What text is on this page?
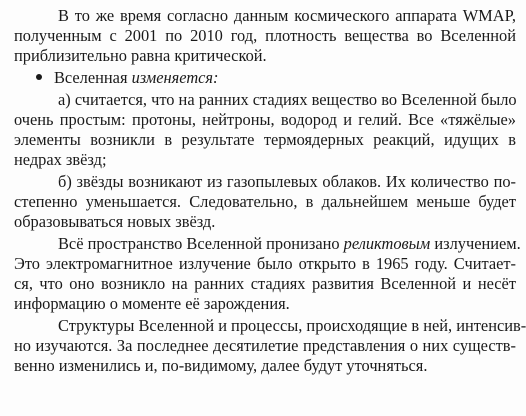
В то же время согласно данным космического аппарата WMAP,
полученным с 2001 по 2010 год, плотность вещества во Вселенной
приблизительно равна критической.
Вселенная изменяется:
а) считается, что на ранних стадиях вещество во Вселенной было
очень простым: протоны, нейтроны, водород и гелий. Все «тяжёлые»
элементы возникли в результате термоядерных реакций, идущих в
недрах звёзд;
б) звёзды возникают из газопылевых облаков. Их количество по-
степенно уменьшается. Следовательно, в дальнейшем меньше будет
образовываться новых звёзд.
Всё пространство Вселенной пронизано реликтовым излучением.
Это электромагнитное излучение было открыто в 1965 году. Считает-
ся, что оно возникло на ранних стадиях развития Вселенной и несёт
информацию о моменте её зарождения.
Структуры Вселенной и процессы, происходящие в ней, интенсив-
но изучаются. За последнее десятилетие представления о них существ-
венно изменились и, по-видимому, далее будут уточняться.
